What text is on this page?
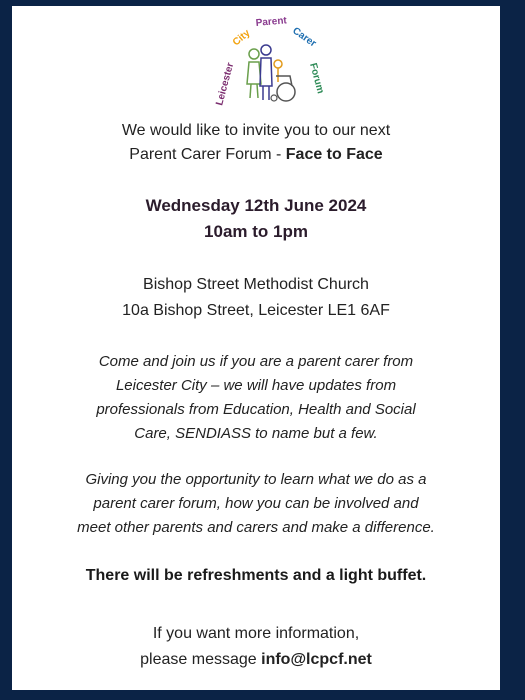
Leicester
City
Parent
Carer
Forum
We would like to invite you to our next
Parent Carer Forum - Face to Face
Wednesday 12th June 2024
10am to 1pm
Bishop Street Methodist Church
10a Bishop Street, Leicester LE1 6AF
Come and join us if you are a parent carer from
Leicester City – we will have updates from
professionals from Education, Health and Social
Care, SENDIASS to name but a few.
Giving you the opportunity to learn what we do as a
parent carer forum, how you can be involved and
meet other parents and carers and make a difference.
There will be refreshments and a light buffet.
If you want more information,
please message info@lcpcf.net
